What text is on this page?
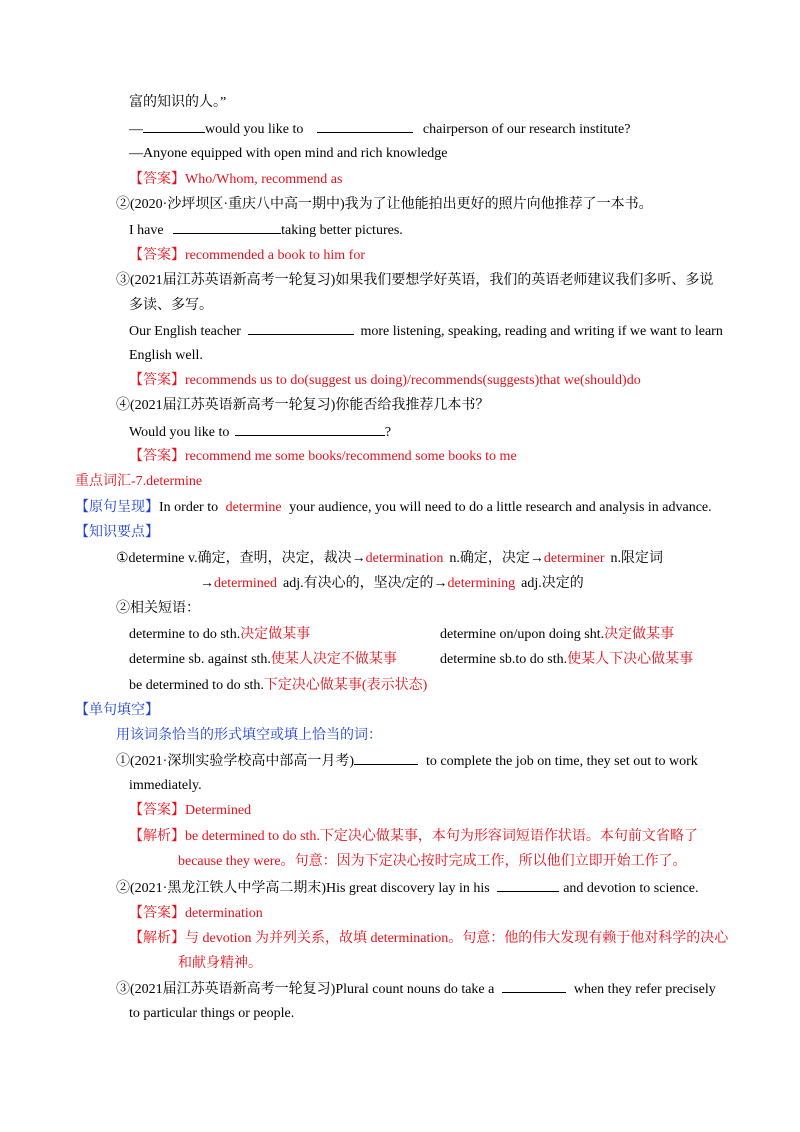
富的知识的人。”
—	would you like to	chairperson of our research institute?
—Anyone equipped with open mind and rich knowledge
【答案】Who/Whom, recommend as
②(2020·沙坪坝区·重庆八中高一期中)我为了让他能拍出更好的照片向他推荐了一本书。
I have	taking better pictures.
【答案】recommended a book to him for
③(2021届江苏英语新高考一轮复习)如果我们要想学好英语，我们的英语老师建议我们多听、多说
多读、多写。
Our English teacher	more listening, speaking, reading and writing if we want to learn
English well.
【答案】recommends us to do(suggest us doing)/recommends(suggests)that we(should)do
④(2021届江苏英语新高考一轮复习)你能否给我推荐几本书？
Would you like to	?
【答案】recommend me some books/recommend some books to me
重点词汇-7.determine
【原句呈现】In order to determine your audience, you will need to do a little research and analysis in advance.
【知识要点】
①determine v.确定，查明，决定，裁决→determination n.确定，决定→determiner n.限定词
→determined adj.有决心的，坚决/定的→determining adj.决定的
②相关短语：
determine to do sth.决定做某事	determine on/upon doing sht.决定做某事
determine sb. against sth.使某人决定不做某事	determine sb.to do sth.使某人下决心做某事
be determined to do sth.下定决心做某事(表示状态)
【单句填空】
用该词条恰当的形式填空或填上恰当的词：
①(2021·深圳实验学校高中部高一月考)	to complete the job on time, they set out to work
immediately.
【答案】Determined
【解析】be determined to do sth.下定决心做某事，本句为形容词短语作状语。本句前文省略了
because they were。句意：因为下定决心按时完成工作，所以他们立即开始工作了。
②(2021·黑龙江铁人中学高二期末)His great discovery lay in his	and devotion to science.
【答案】determination
【解析】与 devotion 为并列关系，故填 determination。句意：他的伟大发现有赖于他对科学的决心
和献身精神。
③(2021届江苏英语新高考一轮复习)Plural count nouns do take a	when they refer precisely
to particular things or people.
